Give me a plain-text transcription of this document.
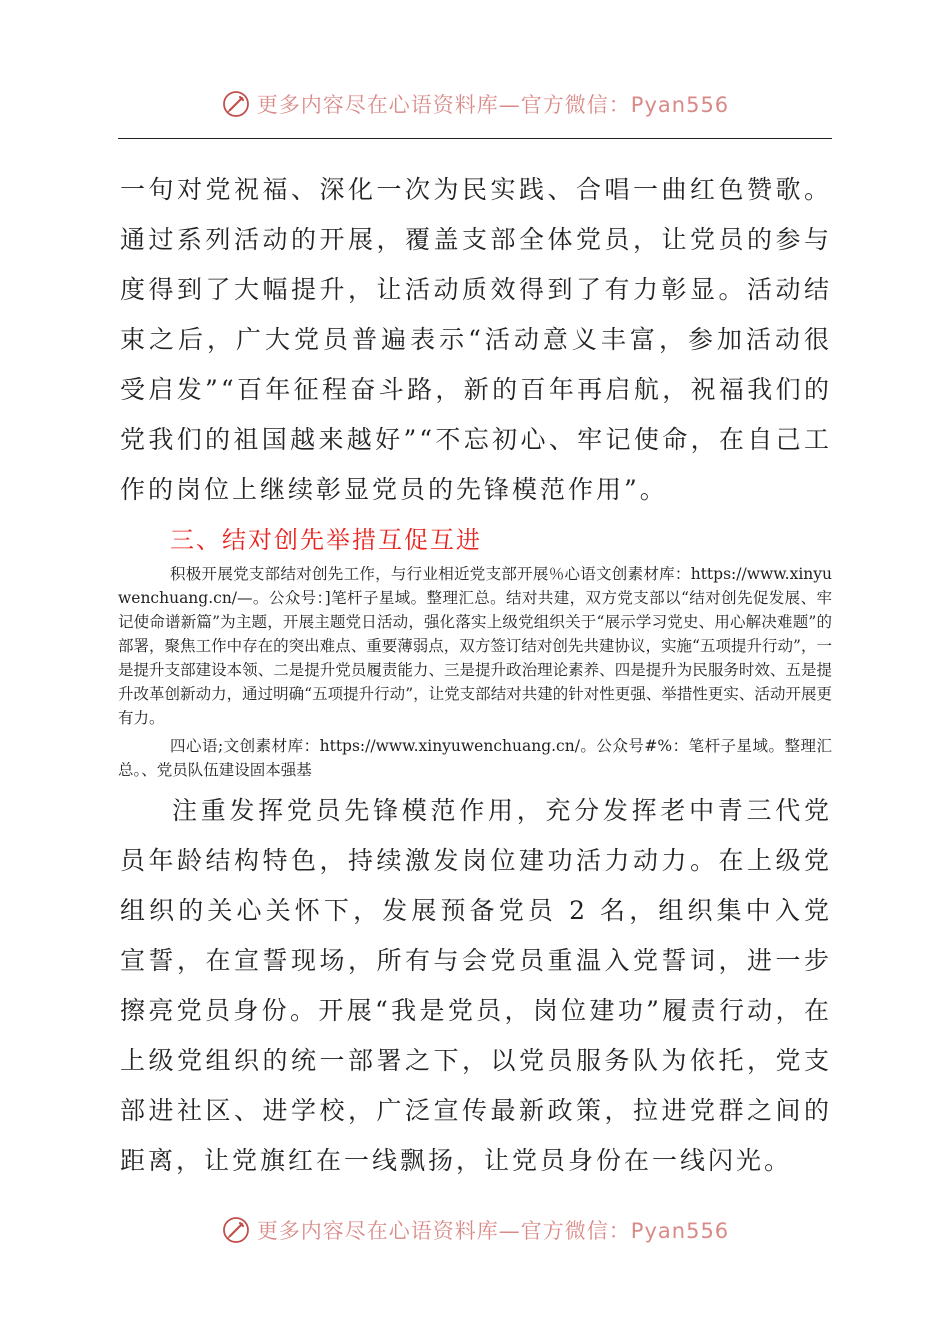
更多内容尽在心语资料库—官方微信：Pyan556

一句对党祝福、深化一次为民实践、合唱一曲红色赞歌。通过系列活动的开展，覆盖支部全体党员，让党员的参与度得到了大幅提升，让活动质效得到了有力彰显。活动结束之后，广大党员普遍表示“活动意义丰富，参加活动很受启发”“百年征程奋斗路，新的百年再启航，祝福我们的党我们的祖国越来越好”“不忘初心、牢记使命，在自己工作的岗位上继续彰显党员的先锋模范作用”。

三、结对创先举措互促互进

积极开展党支部结对创先工作，与行业相近党支部开展％心语文创素材库：https://www.xinyuwenchuang.cn/—。公众号：]笔杆子星域。整理汇总。结对共建，双方党支部以“结对创先促发展、牢记使命谱新篇”为主题，开展主题党日活动，强化落实上级党组织关于“展示学习党史、用心解决难题”的部署，聚焦工作中存在的突出难点、重要薄弱点，双方签订结对创先共建协议，实施“五项提升行动”，一是提升支部建设本领、二是提升党员履责能力、三是提升政治理论素养、四是提升为民服务时效、五是提升改革创新动力，通过明确“五项提升行动”，让党支部结对共建的针对性更强、举措性更实、活动开展更有力。

四心语;文创素材库：https://www.xinyuwenchuang.cn/。公众号#%：笔杆子星域。整理汇总。、党员队伍建设固本强基

注重发挥党员先锋模范作用，充分发挥老中青三代党员年龄结构特色，持续激发岗位建功活力动力。在上级党组织的关心关怀下，发展预备党员 2 名，组织集中入党宣誓，在宣誓现场，所有与会党员重温入党誓词，进一步擦亮党员身份。开展“我是党员，岗位建功”履责行动，在上级党组织的统一部署之下，以党员服务队为依托，党支部进社区、进学校，广泛宣传最新政策，拉进党群之间的距离，让党旗红在一线飘扬，让党员身份在一线闪光。

更多内容尽在心语资料库—官方微信：Pyan556
